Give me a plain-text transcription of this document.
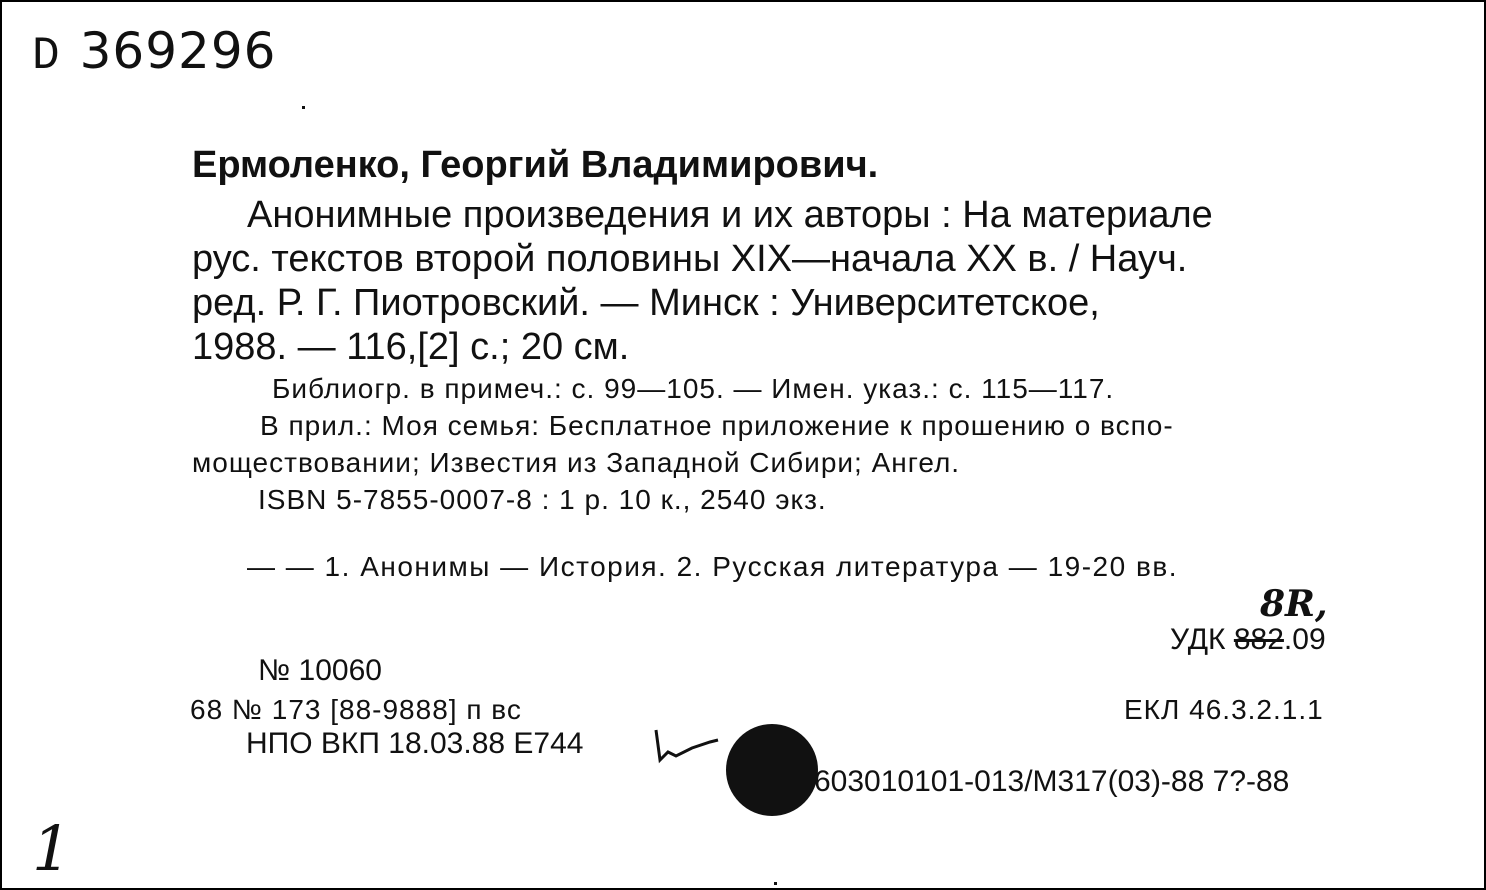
D 369296
Ермоленко, Георгий Владимирович.
Анонимные произведения и их авторы : На материале
рус. текстов второй половины XIX—начала XX в. / Науч.
ред. Р. Г. Пиотровский. — Минск : Университетское,
1988. — 116,[2] с.; 20 см.
Библиогр. в примеч.: с. 99—105. — Имен. указ.: с. 115—117.
В прил.: Моя семья: Бесплатное приложение к прошению о вспо-
мoществовании; Известия из Западной Сибири; Ангел.
ISBN 5-7855-0007-8 : 1 р. 10 к., 2540 экз.
— — 1. Анонимы — История. 2. Русская литература — 19-20 вв.
8R,
УДК 882.09
№ 10060
68 № 173 [88-9888] п вс	ЕКЛ 46.3.2.1.1
НПО ВКП 18.03.88 Е744
603010101-013/М317(03)-88 7?-88
1
